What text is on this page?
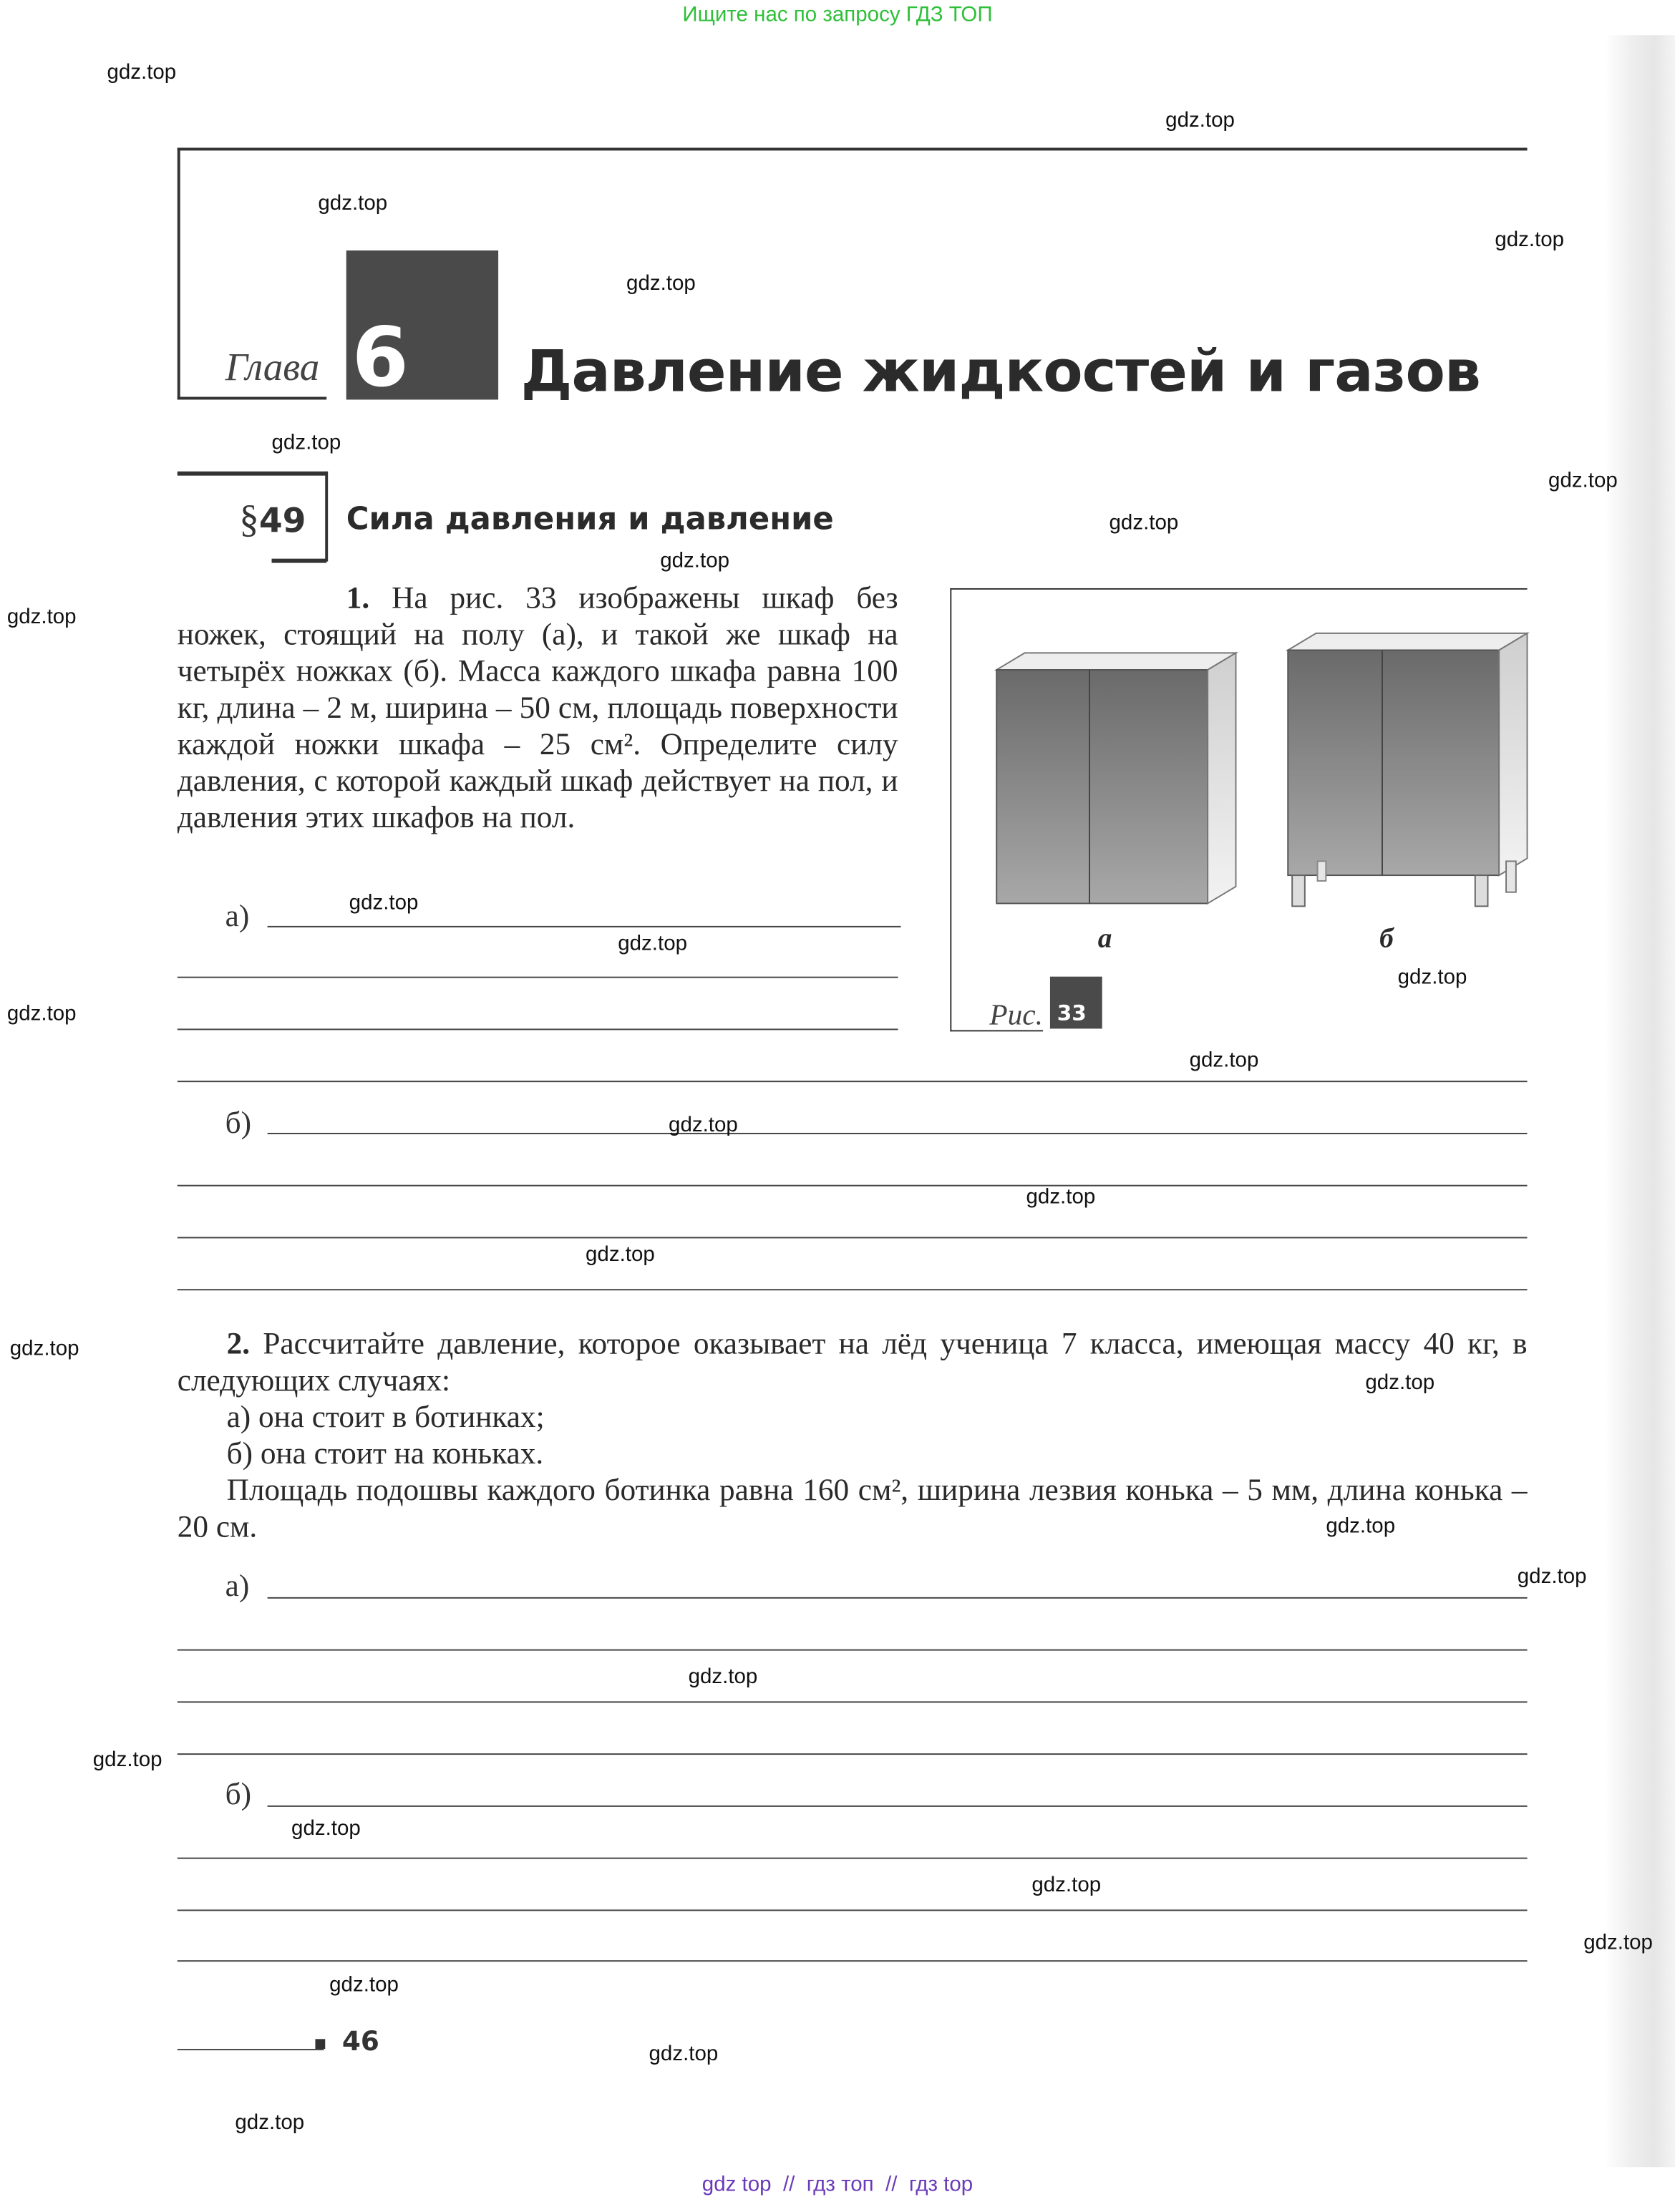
Ищите нас по запросу ГДЗ ТОП
Глава 6	Давление жидкостей и газов
§49	Сила давления и давление
1. На рис. 33 изображены шкаф без ножек, стоящий на полу (а), и такой же шкаф на четырёх ножках (б). Масса каждого шкафа равна 100 кг, длина – 2 м, ширина – 50 см, площадь поверхности каждой ножки шкафа – 25 см². Определите силу давления, с которой каждый шкаф действует на пол, и давления этих шкафов на пол.
а	б
Рис. 33
а)
б)
2. Рассчитайте давление, которое оказывает на лёд ученица 7 класса, имеющая массу 40 кг, в следующих случаях:
а) она стоит в ботинках;
б) она стоит на коньках.
Площадь подошвы каждого ботинка равна 160 см², ширина лезвия конька – 5 мм, длина конька – 20 см.
а)
б)
46
gdz top  //  гдз топ  //  гдз top
gdz.top
gdz.top
gdz.top
gdz.top
gdz.top
gdz.top
gdz.top
gdz.top
gdz.top
gdz.top
gdz.top
gdz.top
gdz.top
gdz.top
gdz.top
gdz.top
gdz.top
gdz.top
gdz.top
gdz.top
gdz.top
gdz.top
gdz.top
gdz.top
gdz.top
gdz.top
gdz.top
gdz.top
gdz.top
gdz.top
